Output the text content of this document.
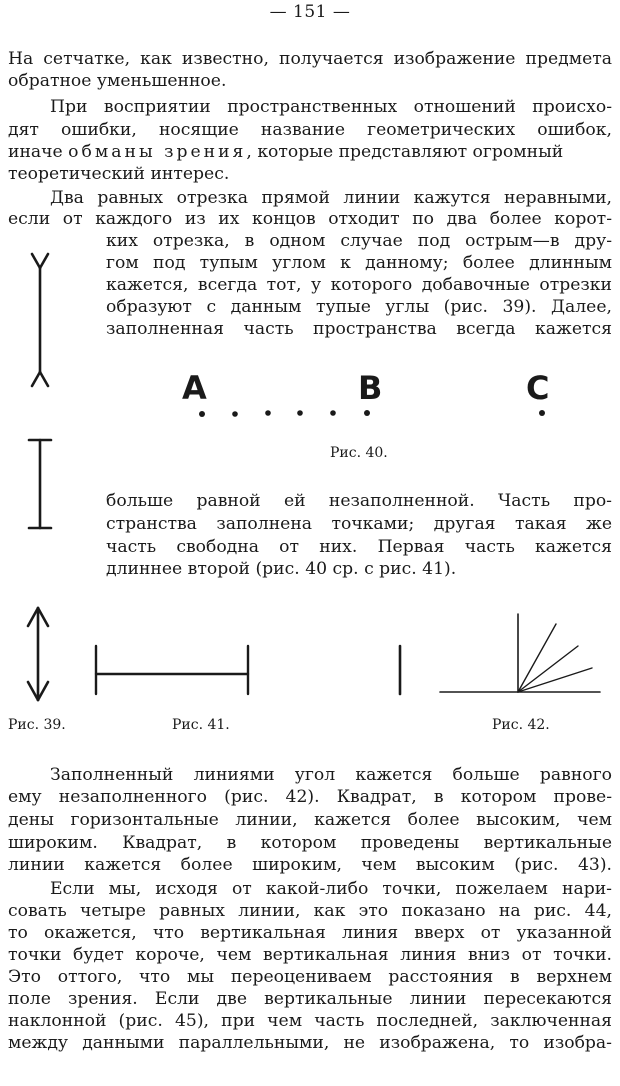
— 151 —
На сетчатке, как известно, получается изображение предмета
обратное уменьшенное.
При восприятии пространственных отношений происхо-
дят ошибки, носящие название геометрических ошибок,
иначе обманы зрения, которые представляют огромный
теоретический интерес.
Два равных отрезка прямой линии кажутся неравными,
если от каждого из их концов отходит по два более корот-
ких отрезка, в одном случае под острым—в дру-
гом под тупым углом к данному; более длинным
кажется, всегда тот, у которого добавочные отрезки
образуют с данным тупые углы (рис. 39). Далее,
заполненная часть пространства всегда кажется
A	B	C
Рис. 40.
больше равной ей незаполненной. Часть про-
странства заполнена точками; другая такая же
часть свободна от них. Первая часть кажется
длиннее второй (рис. 40 ср. с рис. 41).
Рис. 39.	Рис. 41.	Рис. 42.
Заполненный линиями угол кажется больше равного
ему незаполненного (рис. 42). Квадрат, в котором прове-
дены горизонтальные линии, кажется более высоким, чем
широким. Квадрат, в котором проведены вертикальные
линии кажется более широким, чем высоким (рис. 43).
Если мы, исходя от какой-либо точки, пожелаем нари-
совать четыре равных линии, как это показано на рис. 44,
то окажется, что вертикальная линия вверх от указанной
точки будет короче, чем вертикальная линия вниз от точки.
Это оттого, что мы переоцениваем расстояния в верхнем
поле зрения. Если две вертикальные линии пересекаются
наклонной (рис. 45), при чем часть последней, заключенная
между данными параллельными, не изображена, то изобра-
